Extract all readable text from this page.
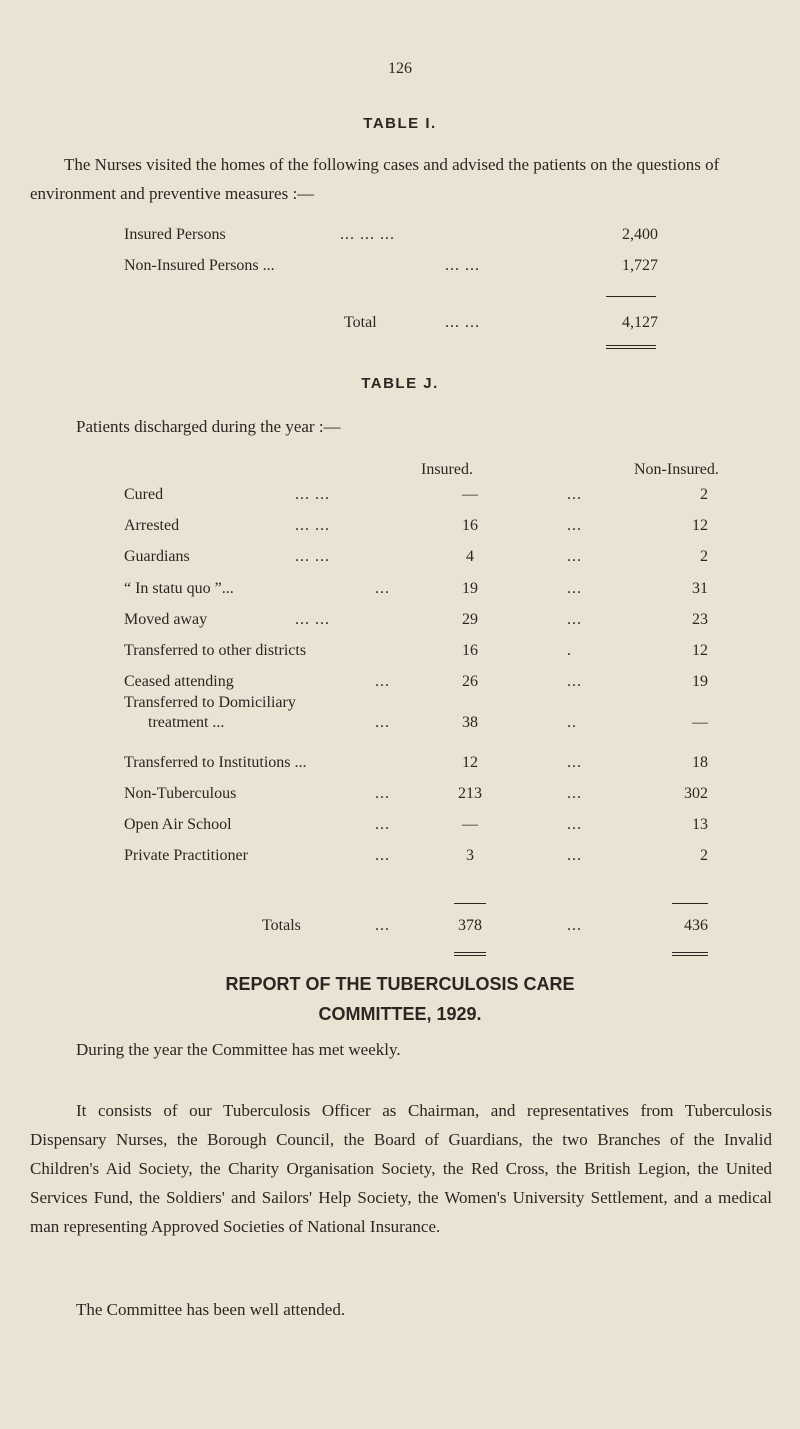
126
TABLE I.
The Nurses visited the homes of the following cases and advised the patients on the questions of environment and preventive measures :—
Insured Persons	... ... ...	2,400
Non-Insured Persons ...	... ...	1,727
Total	... ...	4,127
TABLE J.
Patients discharged during the year :—
Insured.	Non-Insured.
Cured	... ...	—	...	2
Arrested	... ...	16	...	12
Guardians	... ...	4	...	2
“ In statu quo ”...	...	19	...	31
Moved away	... ...	29	...	23
Transferred to other districts	16	.	12
Ceased attending	...	26	...	19
Transferred to Domiciliary
treatment ...	...	38	..	—
Transferred to Institutions ...	12	...	18
Non-Tuberculous	...	213	...	302
Open Air School	...	—	...	13
Private Practitioner	...	3	...	2
Totals	...	378	...	436
REPORT OF THE TUBERCULOSIS CARE
COMMITTEE, 1929.
During the year the Committee has met weekly.
It consists of our Tuberculosis Officer as Chairman, and representatives from Tuberculosis Dispensary Nurses, the Borough Council, the Board of Guardians, the two Branches of the Invalid Children's Aid Society, the Charity Organisation Society, the Red Cross, the British Legion, the United Services Fund, the Soldiers' and Sailors' Help Society, the Women's University Settlement, and a medical man representing Approved Societies of National Insurance.
The Committee has been well attended.
